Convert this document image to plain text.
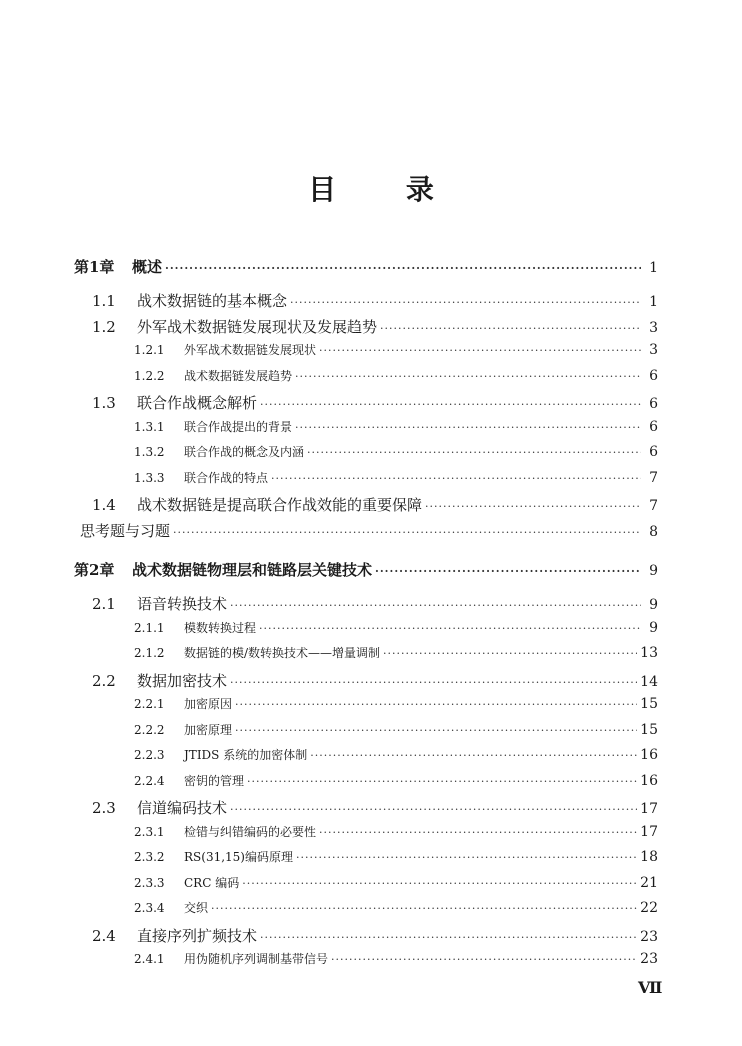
目 录
第1章	概述 ·····	1
1.1	战术数据链的基本概念 ·····	1
1.2	外军战术数据链发展现状及发展趋势 ·····	3
1.2.1	外军战术数据链发展现状 ·····	3
1.2.2	战术数据链发展趋势 ·····	6
1.3	联合作战概念解析 ·····	6
1.3.1	联合作战提出的背景 ·····	6
1.3.2	联合作战的概念及内涵 ·····	6
1.3.3	联合作战的特点 ·····	7
1.4	战术数据链是提高联合作战效能的重要保障 ·····	7
思考题与习题 ·····	8
第2章	战术数据链物理层和链路层关键技术 ·····	9
2.1	语音转换技术 ·····	9
2.1.1	模数转换过程 ·····	9
2.1.2	数据链的模/数转换技术——增量调制 ·····	13
2.2	数据加密技术 ·····	14
2.2.1	加密原因 ·····	15
2.2.2	加密原理 ·····	15
2.2.3	JTIDS 系统的加密体制 ·····	16
2.2.4	密钥的管理 ·····	16
2.3	信道编码技术 ·····	17
2.3.1	检错与纠错编码的必要性 ·····	17
2.3.2	RS(31,15)编码原理 ·····	18
2.3.3	CRC 编码 ·····	21
2.3.4	交织 ·····	22
2.4	直接序列扩频技术 ·····	23
2.4.1	用伪随机序列调制基带信号 ·····	23
Ⅶ
